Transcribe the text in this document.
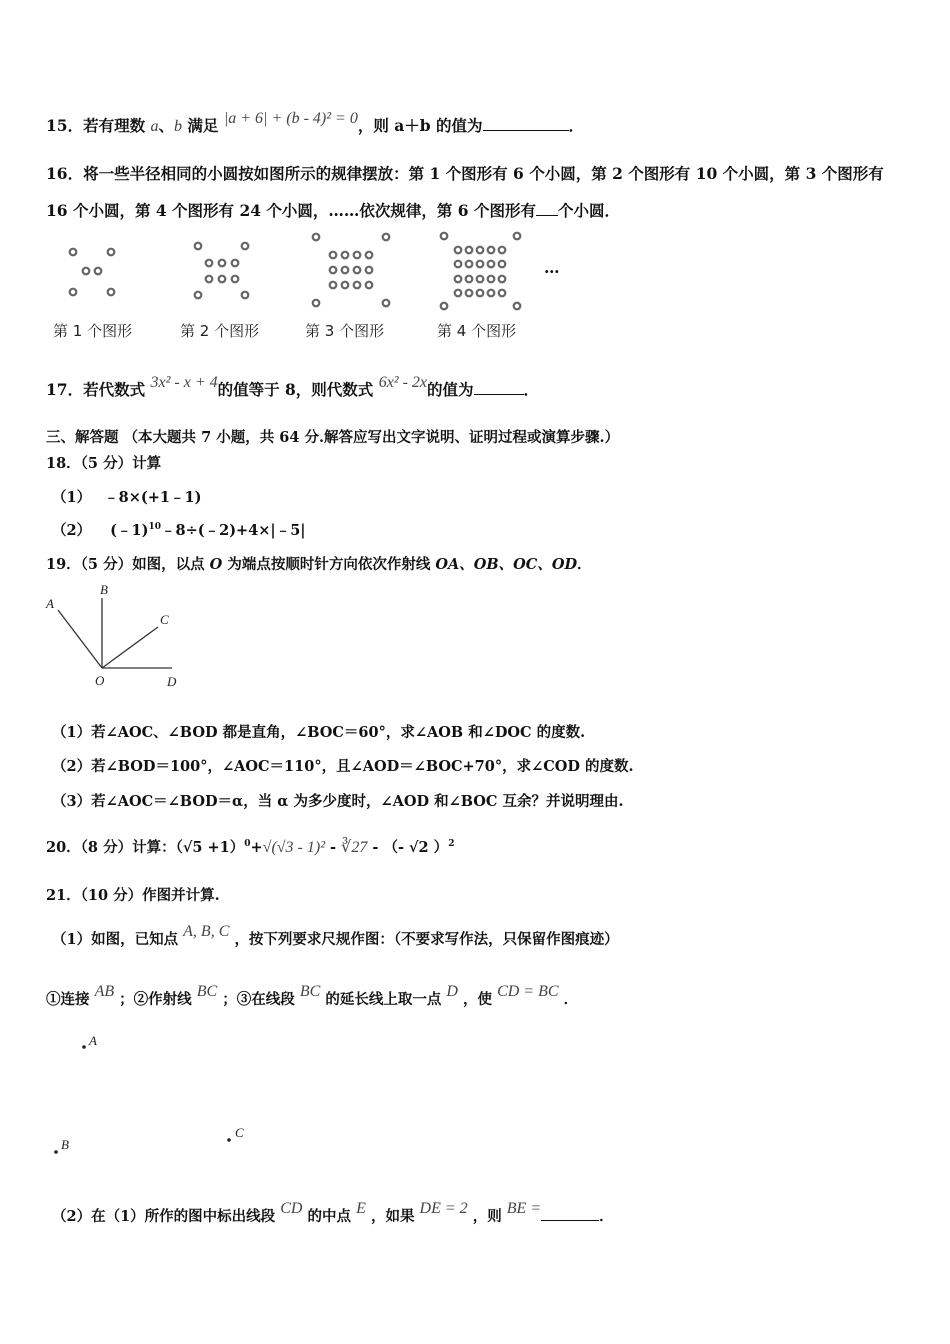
15．若有理数 a、b 满足 |a + 6| + (b - 4)² = 0，则 a＋b 的值为	．
16．将一些半径相同的小圆按如图所示的规律摆放：第 1 个图形有 6 个小圆，第 2 个图形有 10 个小圆，第 3 个图形有
16 个小圆，第 4 个图形有 24 个小圆，……依次规律，第 6 个图形有 个小圆．
…
第 1 个图形	第 2 个图形	第 3 个图形	第 4 个图形
17．若代数式 3x² - x + 4的值等于 8，则代数式 6x² - 2x的值为	．
三、解答题 （本大题共 7 小题，共 64 分.解答应写出文字说明、证明过程或演算步骤.）
18．（5 分）计算
（1） ﹣8×(+1﹣1)
（2） (﹣1)$^{10}$﹣8÷(﹣2)+4×|﹣5|
19．（5 分）如图，以点 O 为端点按顺时针方向依次作射线 OA、OB、OC、OD．
A
B
C
O	D
（1）若∠AOC、∠BOD 都是直角，∠BOC＝60°，求∠AOB 和∠DOC 的度数.
（2）若∠BOD＝100°，∠AOC＝110°，且∠AOD＝∠BOC+70°，求∠COD 的度数.
（3）若∠AOC＝∠BOD＝α，当 α 为多少度时，∠AOD 和∠BOC 互余？并说明理由.
20．（8 分）计算：$(√5 +1)^0+√(√3 - 1)^2$ - ∛27 - （- √2 ）$^2$
21．（10 分）作图并计算.
（1）如图，已知点 A, B, C ，按下列要求尺规作图：（不要求写作法，只保留作图痕迹）
①连接 AB ；②作射线 BC ；③在线段 BC 的延长线上取一点 D ，使 CD = BC ．
A
B
C
（2）在（1）所作的图中标出线段 CD 的中点 E ，如果 DE = 2 ，则 BE =	．
